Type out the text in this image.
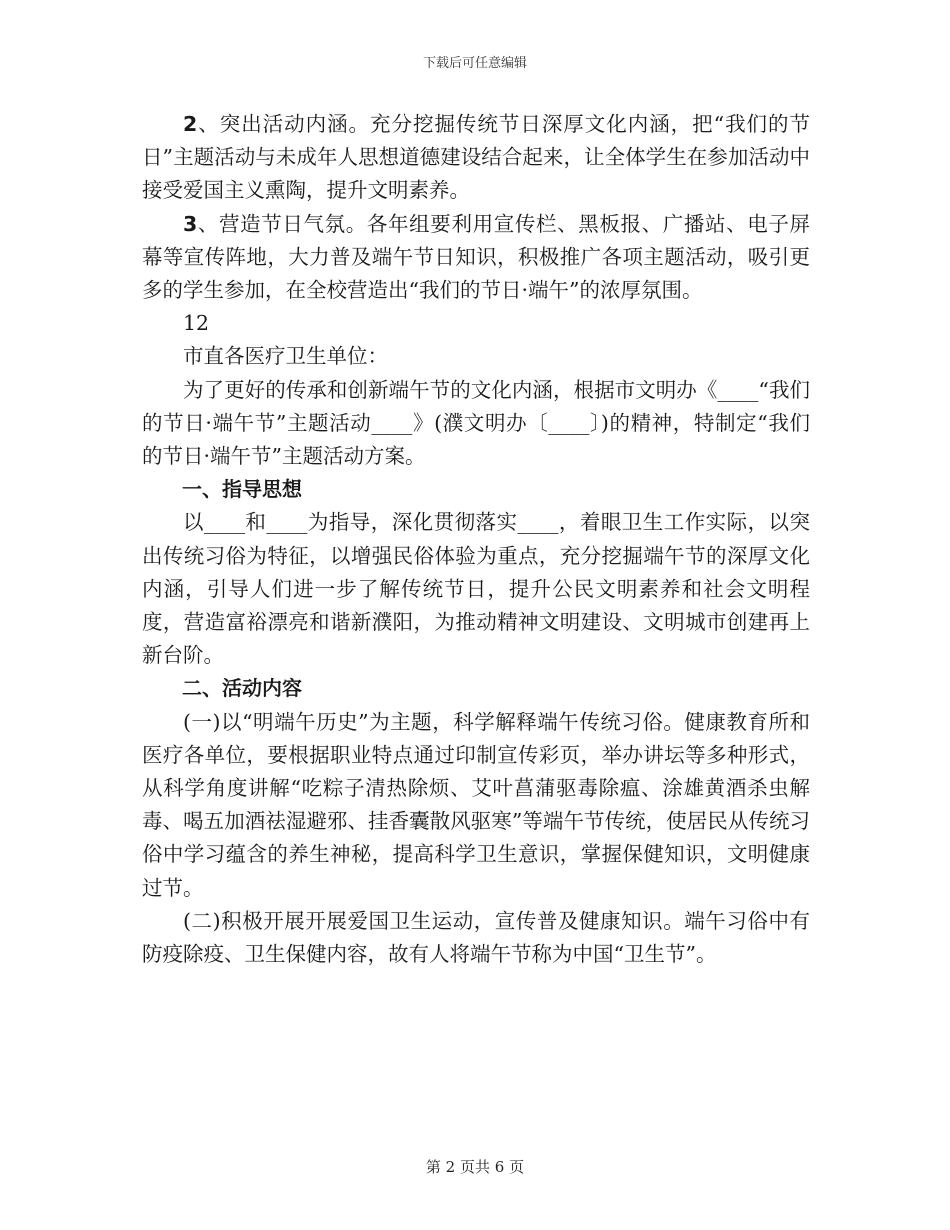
下载后可任意编辑

2、突出活动内涵。充分挖掘传统节日深厚文化内涵，把“我们的节日”主题活动与未成年人思想道德建设结合起来，让全体学生在参加活动中接受爱国主义熏陶，提升文明素养。

3、营造节日气氛。各年组要利用宣传栏、黑板报、广播站、电子屏幕等宣传阵地，大力普及端午节日知识，积极推广各项主题活动，吸引更多的学生参加，在全校营造出“我们的节日·端午”的浓厚氛围。

12

市直各医疗卫生单位：

为了更好的传承和创新端午节的文化内涵，根据市文明办《____“我们的节日·端午节”主题活动____》(濮文明办〔____〕)的精神，特制定“我们的节日·端午节”主题活动方案。

一、指导思想

以____和____为指导，深化贯彻落实____，着眼卫生工作实际，以突出传统习俗为特征，以增强民俗体验为重点，充分挖掘端午节的深厚文化内涵，引导人们进一步了解传统节日，提升公民文明素养和社会文明程度，营造富裕漂亮和谐新濮阳，为推动精神文明建设、文明城市创建再上新台阶。

二、活动内容

(一)以“明端午历史”为主题，科学解释端午传统习俗。健康教育所和医疗各单位，要根据职业特点通过印制宣传彩页，举办讲坛等多种形式，从科学角度讲解“吃粽子清热除烦、艾叶菖蒲驱毒除瘟、涂雄黄酒杀虫解毒、喝五加酒祛湿避邪、挂香囊散风驱寒”等端午节传统，使居民从传统习俗中学习蕴含的养生神秘，提高科学卫生意识，掌握保健知识，文明健康过节。

(二)积极开展开展爱国卫生运动，宣传普及健康知识。端午习俗中有防疫除疫、卫生保健内容，故有人将端午节称为中国“卫生节”。

第 2 页共 6 页
